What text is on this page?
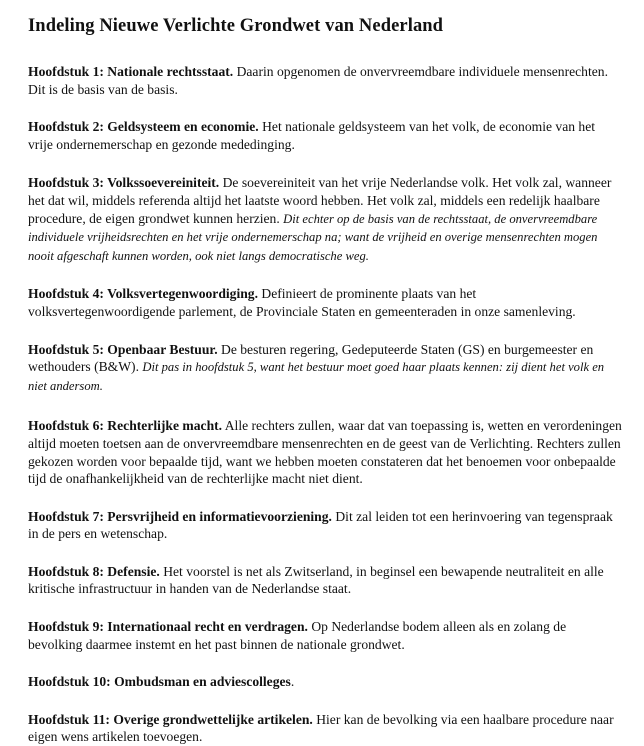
Indeling Nieuwe Verlichte Grondwet van Nederland

Hoofdstuk 1: Nationale rechtsstaat. Daarin opgenomen de onvervreemdbare individuele mensenrechten. Dit is de basis van de basis.

Hoofdstuk 2: Geldsysteem en economie. Het nationale geldsysteem van het volk, de economie van het vrije ondernemerschap en gezonde mededinging.

Hoofdstuk 3: Volkssoevereiniteit. De soevereiniteit van het vrije Nederlandse volk. Het volk zal, wanneer het dat wil, middels referenda altijd het laatste woord hebben. Het volk zal, middels een redelijk haalbare procedure, de eigen grondwet kunnen herzien. Dit echter op de basis van de rechtsstaat, de onvervreemdbare individuele vrijheidsrechten en het vrije ondernemerschap na; want de vrijheid en overige mensenrechten mogen nooit afgeschaft kunnen worden, ook niet langs democratische weg.

Hoofdstuk 4: Volksvertegenwoordiging. Definieert de prominente plaats van het volksvertegenwoordigende parlement, de Provinciale Staten en gemeenteraden in onze samenleving.

Hoofdstuk 5: Openbaar Bestuur. De besturen regering, Gedeputeerde Staten (GS) en burgemeester en wethouders (B&W). Dit pas in hoofdstuk 5, want het bestuur moet goed haar plaats kennen: zij dient het volk en niet andersom.

Hoofdstuk 6: Rechterlijke macht. Alle rechters zullen, waar dat van toepassing is, wetten en verordeningen altijd moeten toetsen aan de onvervreemdbare mensenrechten en de geest van de Verlichting. Rechters zullen gekozen worden voor bepaalde tijd, want we hebben moeten constateren dat het benoemen voor onbepaalde tijd de onafhankelijkheid van de rechterlijke macht niet dient.

Hoofdstuk 7: Persvrijheid en informatievoorziening. Dit zal leiden tot een herinvoering van tegenspraak in de pers en wetenschap.

Hoofdstuk 8: Defensie. Het voorstel is net als Zwitserland, in beginsel een bewapende neutraliteit en alle kritische infrastructuur in handen van de Nederlandse staat.

Hoofdstuk 9: Internationaal recht en verdragen. Op Nederlandse bodem alleen als en zolang de bevolking daarmee instemt en het past binnen de nationale grondwet.

Hoofdstuk 10: Ombudsman en adviescolleges.

Hoofdstuk 11: Overige grondwettelijke artikelen. Hier kan de bevolking via een haalbare procedure naar eigen wens artikelen toevoegen.
